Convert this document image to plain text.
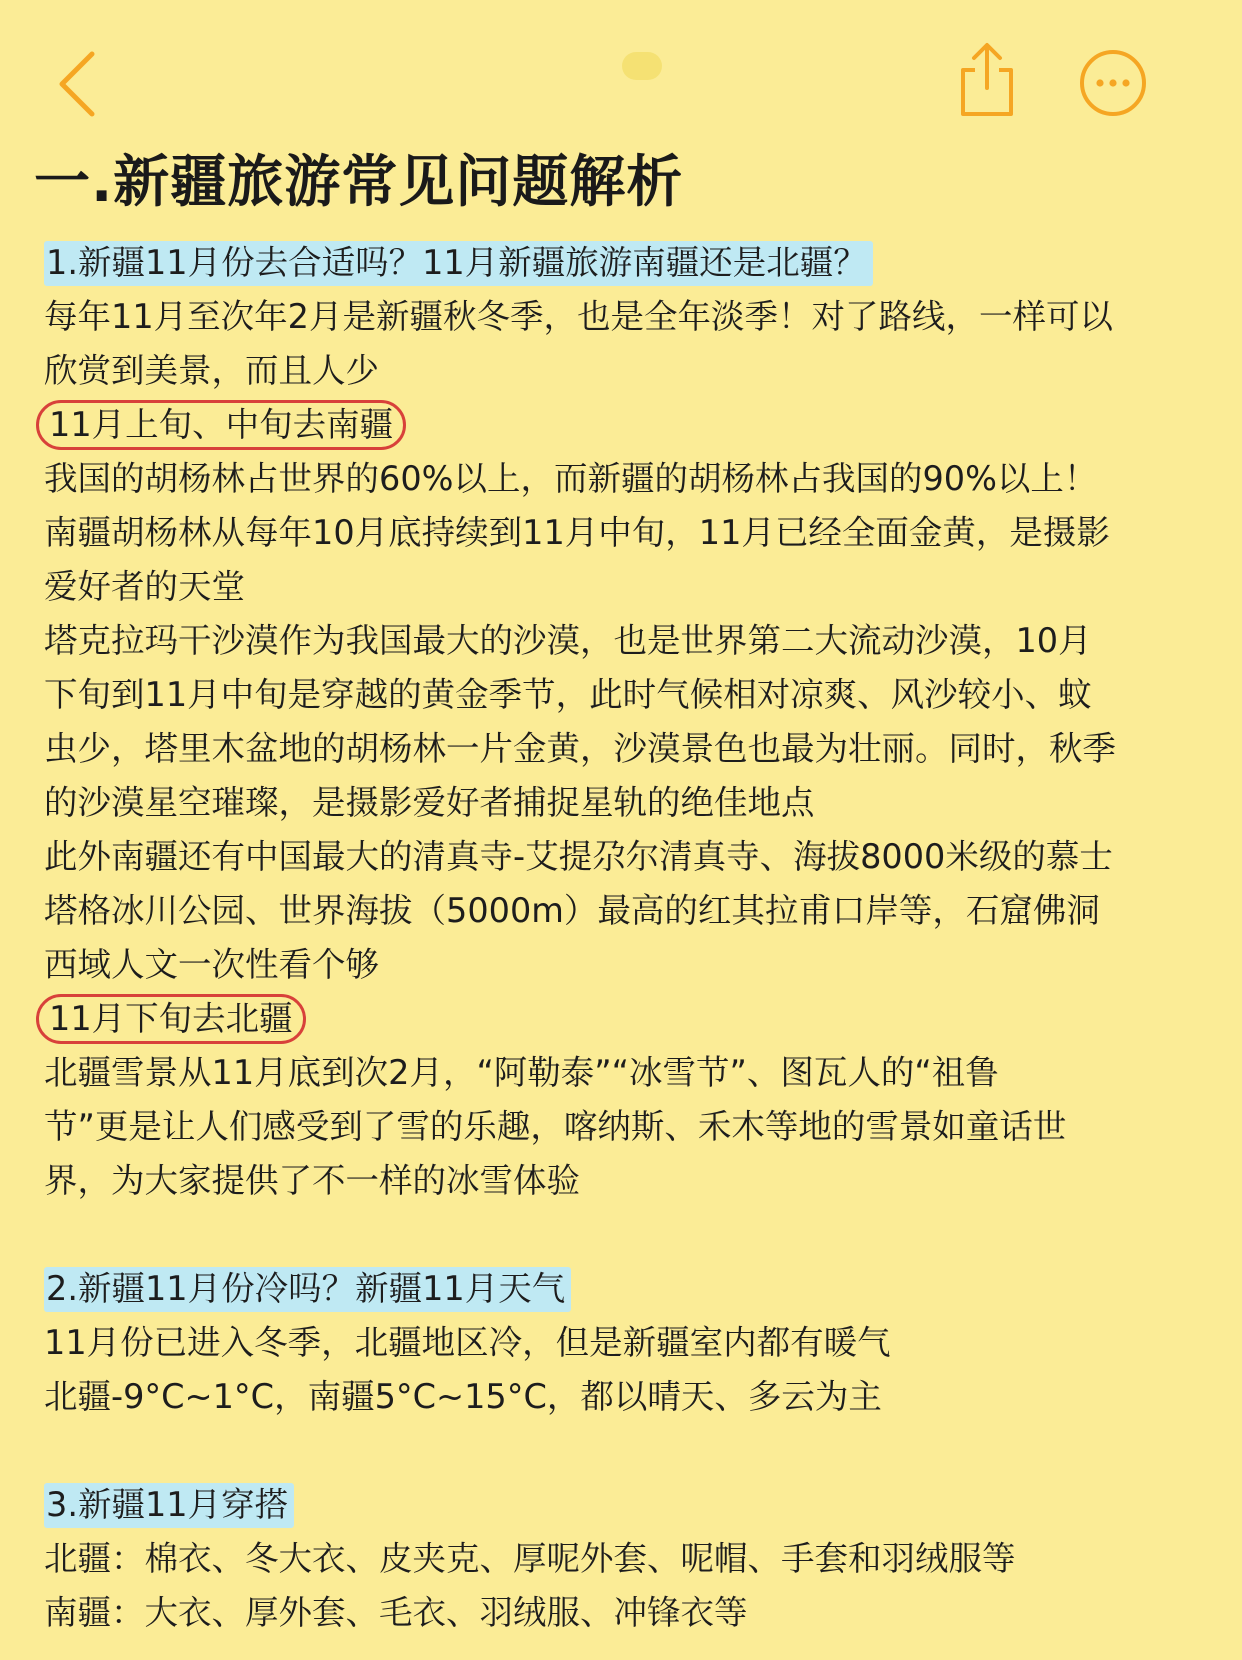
一.新疆旅游常见问题解析
1.新疆11月份去合适吗？11月新疆旅游南疆还是北疆？
每年11月至次年2月是新疆秋冬季，也是全年淡季！对了路线，一样可以
欣赏到美景，而且人少
11月上旬、中旬去南疆
我国的胡杨林占世界的60%以上，而新疆的胡杨林占我国的90%以上！
南疆胡杨林从每年10月底持续到11月中旬，11月已经全面金黄，是摄影
爱好者的天堂
塔克拉玛干沙漠作为我国最大的沙漠，也是世界第二大流动沙漠，10月
下旬到11月中旬是穿越的黄金季节，此时气候相对凉爽、风沙较小、蚊
虫少，塔里木盆地的胡杨林一片金黄，沙漠景色也最为壮丽。同时，秋季
的沙漠星空璀璨，是摄影爱好者捕捉星轨的绝佳地点
此外南疆还有中国最大的清真寺-艾提尕尔清真寺、海拔8000米级的慕士
塔格冰川公园、世界海拔（5000m）最高的红其拉甫口岸等，石窟佛洞
西域人文一次性看个够
11月下旬去北疆
北疆雪景从11月底到次2月，“阿勒泰”“冰雪节”、图瓦人的“祖鲁
节”更是让人们感受到了雪的乐趣，喀纳斯、禾木等地的雪景如童话世
界，为大家提供了不一样的冰雪体验
2.新疆11月份冷吗？新疆11月天气
11月份已进入冬季，北疆地区冷，但是新疆室内都有暖气
北疆-9°C~1°C，南疆5°C~15°C，都以晴天、多云为主
3.新疆11月穿搭
北疆：棉衣、冬大衣、皮夹克、厚呢外套、呢帽、手套和羽绒服等
南疆：大衣、厚外套、毛衣、羽绒服、冲锋衣等
